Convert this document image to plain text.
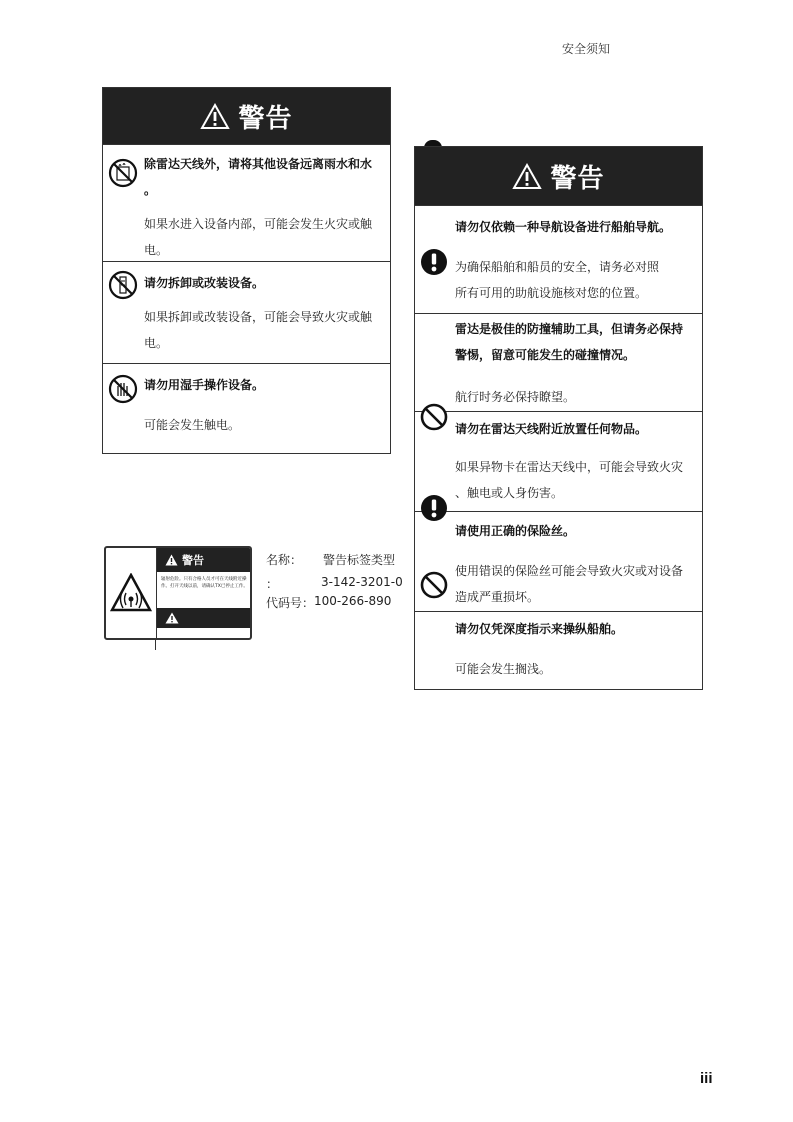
安全须知
警告
除雷达天线外，请将其他设备远离雨水和水
。
如果水进入设备内部，可能会发生火灾或触
电。
请勿拆卸或改装设备。
如果拆卸或改装设备，可能会导致火灾或触
电。
请勿用湿手操作设备。
可能会发生触电。
警告
请勿仅依赖一种导航设备进行船舶导航。
为确保船舶和船员的安全，请务必对照
所有可用的助航设施核对您的位置。
雷达是极佳的防撞辅助工具，但请务必保持
警惕，留意可能发生的碰撞情况。
航行时务必保持瞭望。
请勿在雷达天线附近放置任何物品。
如果异物卡在雷达天线中，可能会导致火灾
、触电或人身伤害。
请使用正确的保险丝。
使用错误的保险丝可能会导致火灾或对设备
造成严重损坏。
请勿仅凭深度指示来操纵船舶。
可能会发生搁浅。
警告
辐射危险。只有合格人员才可在天线附近操作。打开天线以前，请确认TX已停止工作。
名称： 警告标签类型
：	3-142-3201-0
代码号： 100-266-890
iii
